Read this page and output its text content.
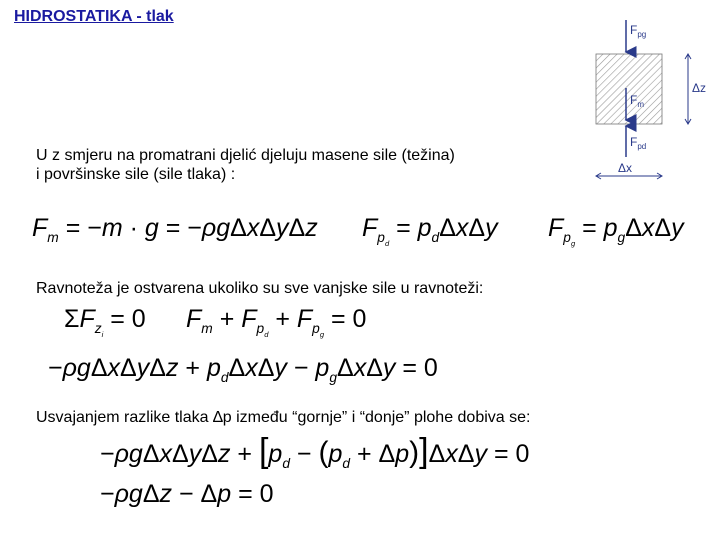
HIDROSTATIKA - tlak
$F_{pg}$
$F_m$
$F_{pd}$
Δz
Δx
U z smjeru na promatrani djelić djeluju masene sile (težina)
i površinske sile (sile tlaka) :
$F_m = -m \cdot g = -\rho g\Delta x\Delta y\Delta z$ $F_{p_d} = p_d\Delta x\Delta y$ $F_{p_g} = p_g\Delta x\Delta y$
Ravnoteža je ostvarena ukoliko su sve vanjske sile u ravnoteži:
$\Sigma F_{z_i} = 0$ $F_m + F_{p_d} + F_{p_g} = 0$
$-\rho g\Delta x\Delta y\Delta z + p_d\Delta x\Delta y - p_g\Delta x\Delta y = 0$
Usvajanjem razlike tlaka ∆p između “gornje” i “donje” plohe dobiva se:
$-\rho g\Delta x\Delta y\Delta z + [p_d - (p_d + \Delta p)]\Delta x\Delta y = 0$
−ρgΔz − Δp = 0
